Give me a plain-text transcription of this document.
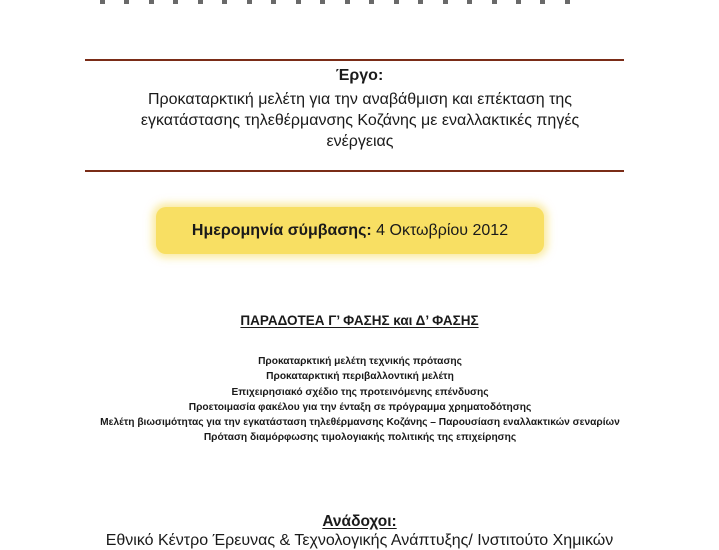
Έργο:
Προκαταρκτική μελέτη για την αναβάθμιση και επέκταση της εγκατάστασης τηλεθέρμανσης Κοζάνης με εναλλακτικές πηγές ενέργειας
Ημερομηνία σύμβασης:
4 Οκτωβρίου 2012
ΠΑΡΑΔΟΤΕΑ Γ’ ΦΑΣΗΣ και Δ’ ΦΑΣΗΣ
Προκαταρκτική μελέτη τεχνικής πρότασης
Προκαταρκτική περιβαλλοντική μελέτη
Επιχειρησιακό σχέδιο της προτεινόμενης επένδυσης
Προετοιμασία φακέλου για την ένταξη σε πρόγραμμα χρηματοδότησης
Μελέτη βιωσιμότητας για την εγκατάσταση τηλεθέρμανσης Κοζάνης – Παρουσίαση εναλλακτικών σεναρίων
Πρόταση διαμόρφωσης τιμολογιακής πολιτικής της επιχείρησης
Ανάδοχοι:
Εθνικό Κέντρο Έρευνας & Τεχνολογικής Ανάπτυξης/ Ινστιτούτο Χημικών
